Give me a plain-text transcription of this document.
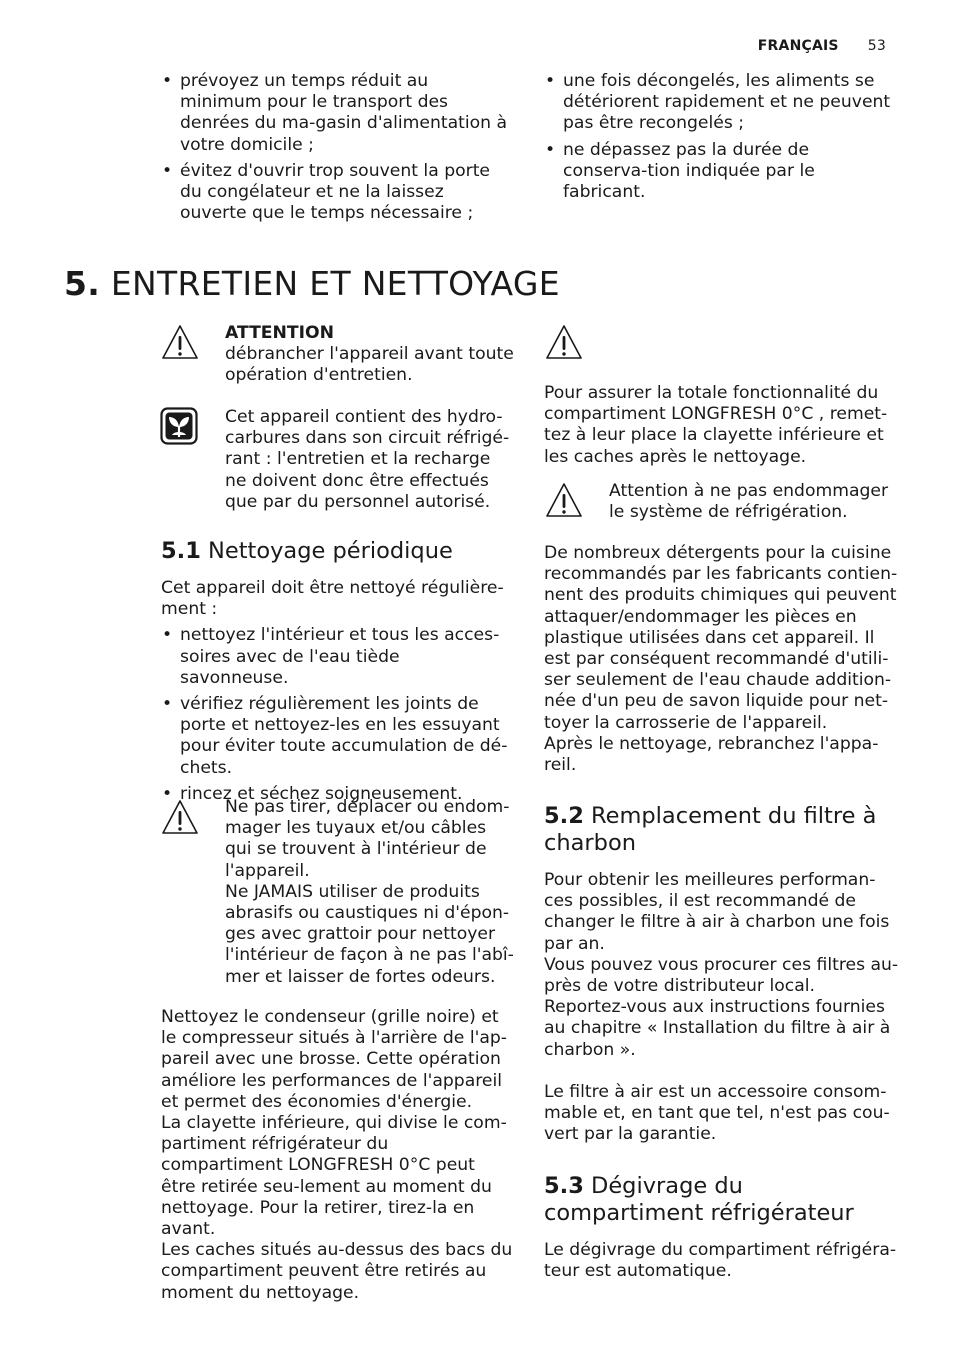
FRANÇAIS 53
• prévoyez un temps réduit au minimum pour le transport des denrées du ma-gasin d'alimentation à votre domicile ;
• évitez d'ouvrir trop souvent la porte du congélateur et ne la laissez ouverte que le temps nécessaire ;
• une fois décongelés, les aliments se détériorent rapidement et ne peuvent pas être recongelés ;
• ne dépassez pas la durée de conserva-tion indiquée par le fabricant.
5. ENTRETIEN ET NETTOYAGE
ATTENTION
débrancher l'appareil avant toute opération d'entretien.
Cet appareil contient des hydro-carbures dans son circuit réfrigé-rant : l'entretien et la recharge ne doivent donc être effectués que par du personnel autorisé.
5.1 Nettoyage périodique

Cet appareil doit être nettoyé régulière-ment :

• nettoyez l'intérieur et tous les acces-soires avec de l'eau tiède savonneuse.
• vérifiez régulièrement les joints de porte et nettoyez-les en les essuyant pour éviter toute accumulation de dé-chets.
• rincez et séchez soigneusement.
Ne pas tirer, déplacer ou endom-mager les tuyaux et/ou câbles qui se trouvent à l'intérieur de l'appareil.
Ne JAMAIS utiliser de produits abrasifs ou caustiques ni d'épon-ges avec grattoir pour nettoyer l'intérieur de façon à ne pas l'abî-mer et laisser de fortes odeurs.

Nettoyez le condenseur (grille noire) et le compresseur situés à l'arrière de l'ap-pareil avec une brosse. Cette opération améliore les performances de l'appareil et permet des économies d'énergie.

La clayette inférieure, qui divise le com-partiment réfrigérateur du compartiment LONGFRESH 0°C peut être retirée seu-lement au moment du nettoyage. Pour la retirer, tirez-la en avant.

Les caches situés au-dessus des bacs du compartiment peuvent être retirés au moment du nettoyage.

Pour assurer la totale fonctionnalité du compartiment LONGFRESH 0°C , remet-tez à leur place la clayette inférieure et les caches après le nettoyage.
Attention à ne pas endommager le système de réfrigération.

De nombreux détergents pour la cuisine recommandés par les fabricants contien-nent des produits chimiques qui peuvent attaquer/endommager les pièces en plastique utilisées dans cet appareil. Il est par conséquent recommandé d'utili-ser seulement de l'eau chaude addition-née d'un peu de savon liquide pour net-toyer la carrosserie de l'appareil.

Après le nettoyage, rebranchez l'appa-reil.

5.2 Remplacement du filtre à charbon

Pour obtenir les meilleures performan-ces possibles, il est recommandé de changer le filtre à air à charbon une fois par an.

Vous pouvez vous procurer ces filtres au-près de votre distributeur local.

Reportez-vous aux instructions fournies au chapitre « Installation du filtre à air à charbon ».

Le filtre à air est un accessoire consom-mable et, en tant que tel, n'est pas cou-vert par la garantie.

5.3 Dégivrage du compartiment réfrigérateur
Le dégivrage du compartiment réfrigéra-teur est automatique.
